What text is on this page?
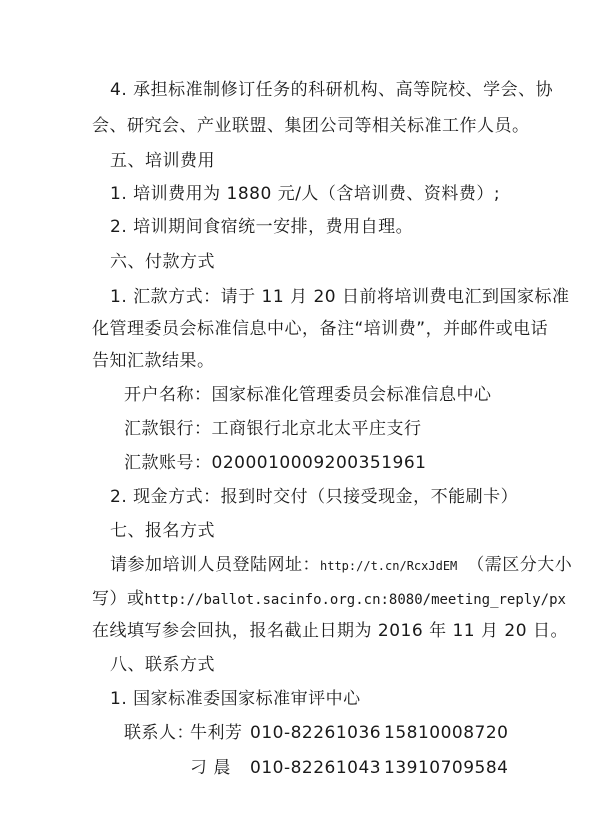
4. 承担标准制修订任务的科研机构、高等院校、学会、协
会、研究会、产业联盟、集团公司等相关标准工作人员。
五、培训费用
1. 培训费用为 1880 元/人（含培训费、资料费）;
2. 培训期间食宿统一安排，费用自理。
六、付款方式
1. 汇款方式：请于 11 月 20 日前将培训费电汇到国家标准
化管理委员会标准信息中心，备注“培训费”，并邮件或电话
告知汇款结果。
开户名称：国家标准化管理委员会标准信息中心
汇款银行：工商银行北京北太平庄支行
汇款账号：0200010009200351961
2. 现金方式：报到时交付（只接受现金，不能刷卡）
七、报名方式
请参加培训人员登陆网址：http://t.cn/RcxJdEM （需区分大小
写）或http://ballot.sacinfo.org.cn:8080/meeting_reply/px
在线填写参会回执，报名截止日期为 2016 年 11 月 20 日。
八、联系方式
1. 国家标准委国家标准审评中心
联系人：
牛利芳 010-82261036 15810008720
刁 晨 010-82261043 13910709584
